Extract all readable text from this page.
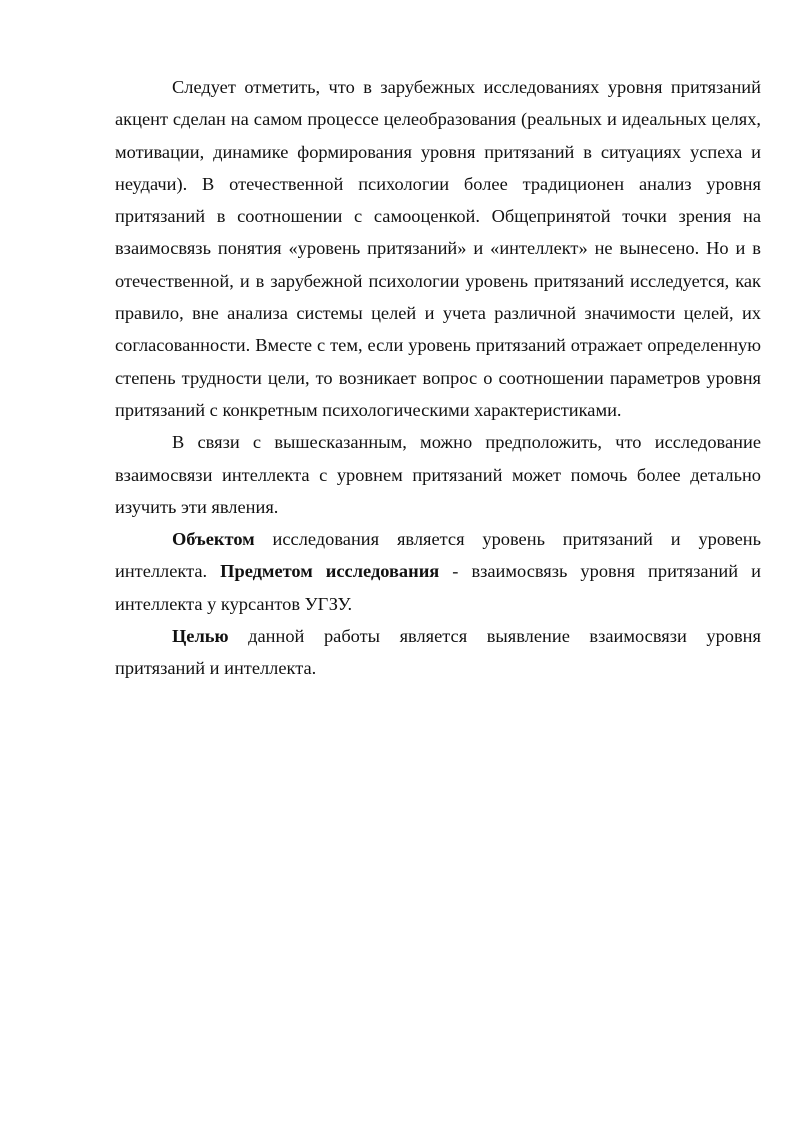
Следует отметить, что в зарубежных исследованиях уровня притязаний акцент сделан на самом процессе целеобразования (реальных и идеальных целях, мотивации, динамике формирования уровня притязаний в ситуациях успеха и неудачи). В отечественной психологии более традиционен анализ уровня притязаний в соотношении с самооценкой. Общепринятой точки зрения на взаимосвязь понятия «уровень притязаний» и «интеллект» не вынесено. Но и в отечественной, и в зарубежной психологии уровень притязаний исследуется, как правило, вне анализа системы целей и учета различной значимости целей, их согласованности. Вместе с тем, если уровень притязаний отражает определенную степень трудности цели, то возникает вопрос о соотношении параметров уровня притязаний с конкретным психологическими характеристиками.

В связи с вышесказанным, можно предположить, что исследование взаимосвязи интеллекта с уровнем притязаний может помочь более детально изучить эти явления.

Объектом исследования является уровень притязаний и уровень интеллекта. Предметом исследования - взаимосвязь уровня притязаний и интеллекта у курсантов УГЗУ.

Целью данной работы является выявление взаимосвязи уровня притязаний и интеллекта.
